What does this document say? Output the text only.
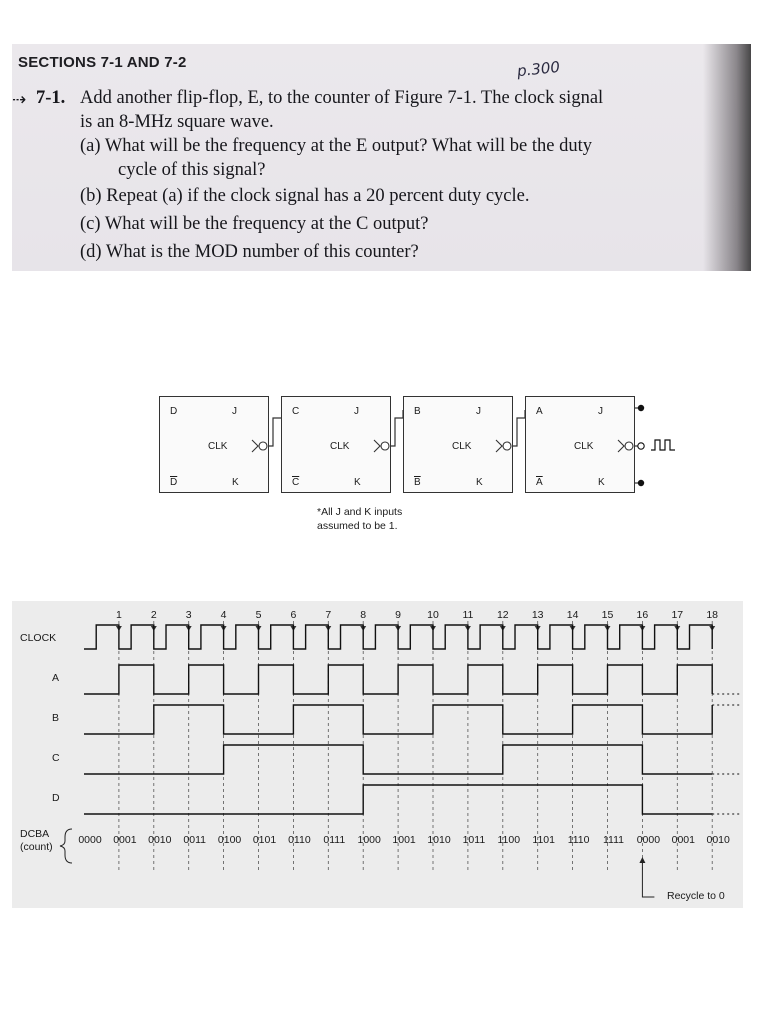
SECTIONS 7-1 AND 7-2	p.300
⇢ 7-1. Add another flip-flop, E, to the counter of Figure 7-1. The clock signal
is an 8-MHz square wave.
(a) What will be the frequency at the E output? What will be the duty
cycle of this signal?
(b) Repeat (a) if the clock signal has a 20 percent duty cycle.
(c) What will be the frequency at the C output?
(d) What is the MOD number of this counter?
D	J
CLK
$\overline{D}$	K
C	J
CLK
$\overline{C}$	K
B	J
CLK
$\overline{B}$	K
A	J
CLK
$\overline{A}$	K
*All J and K inputs
assumed to be 1.
1	2	3	4	5	6	7	8	9	10	11	12	13	14	15	16	17	18
CLOCK
A
B
C
D
DCBA
(count)
0000	0001	0010	0011	0100	0101	0110	0111	1000	1001	1010	1011	1100	1101	1110	1111	0000	0001	0010
Recycle to 0
